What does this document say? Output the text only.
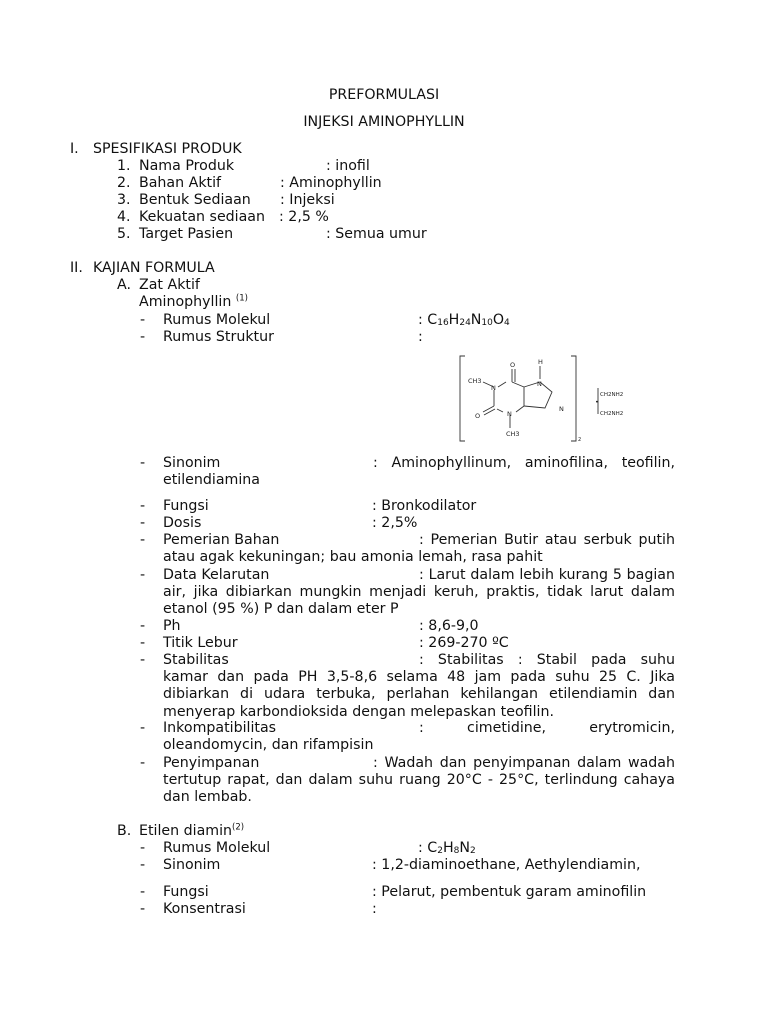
PREFORMULASI
INJEKSI AMINOPHYLLIN
I. SPESIFIKASI PRODUK
1. Nama Produk	: inofil
2. Bahan Aktif	: Aminophyllin
3. Bentuk Sediaan : Injeksi
4. Kekuatan sediaan : 2,5 %
5. Target Pasien	: Semua umur
II. KAJIAN FORMULA
A. Zat Aktif
Aminophyllin $^{(1)}$
- Rumus Molekul	: $C_{16}H_{24}N_{10}O_4$
- Rumus Struktur	:
H
N
N
N
N
O
O
CH3
CH3
•
CH2NH2
CH2NH2
2
- Sinonim	: Aminophyllinum, aminofilina, teofilin, etilendiamina
- Fungsi	: Bronkodilator
- Dosis	: 2,5%
- Pemerian Bahan	: Pemerian Butir atau serbuk putih atau agak kekuningan; bau amonia lemah, rasa pahit
- Data Kelarutan	: Larut dalam lebih kurang 5 bagian air, jika dibiarkan mungkin menjadi keruh, praktis, tidak larut dalam etanol (95 %) P dan dalam eter P
- Ph	: 8,6-9,0
- Titik Lebur	: 269-270 ºC
- Stabilitas	: Stabilitas : Stabil pada suhu kamar dan pada PH 3,5-8,6 selama 48 jam pada suhu 25 C. Jika dibiarkan di udara terbuka, perlahan kehilangan etilendiamin dan menyerap karbondioksida dengan melepaskan teofilin.
- Inkompatibilitas	: cimetidine, erytromicin, oleandomycin, dan rifampisin
- Penyimpanan	: Wadah dan penyimpanan dalam wadah tertutup rapat, dan dalam suhu ruang 20°C - 25°C, terlindung cahaya dan lembab.
B. Etilen diamin$^{(2)}$
- Rumus Molekul	: $C_2H_8N_2$
- Sinonim	: 1,2-diaminoethane, Aethylendiamin,
- Fungsi	: Pelarut, pembentuk garam aminofilin
- Konsentrasi	:
